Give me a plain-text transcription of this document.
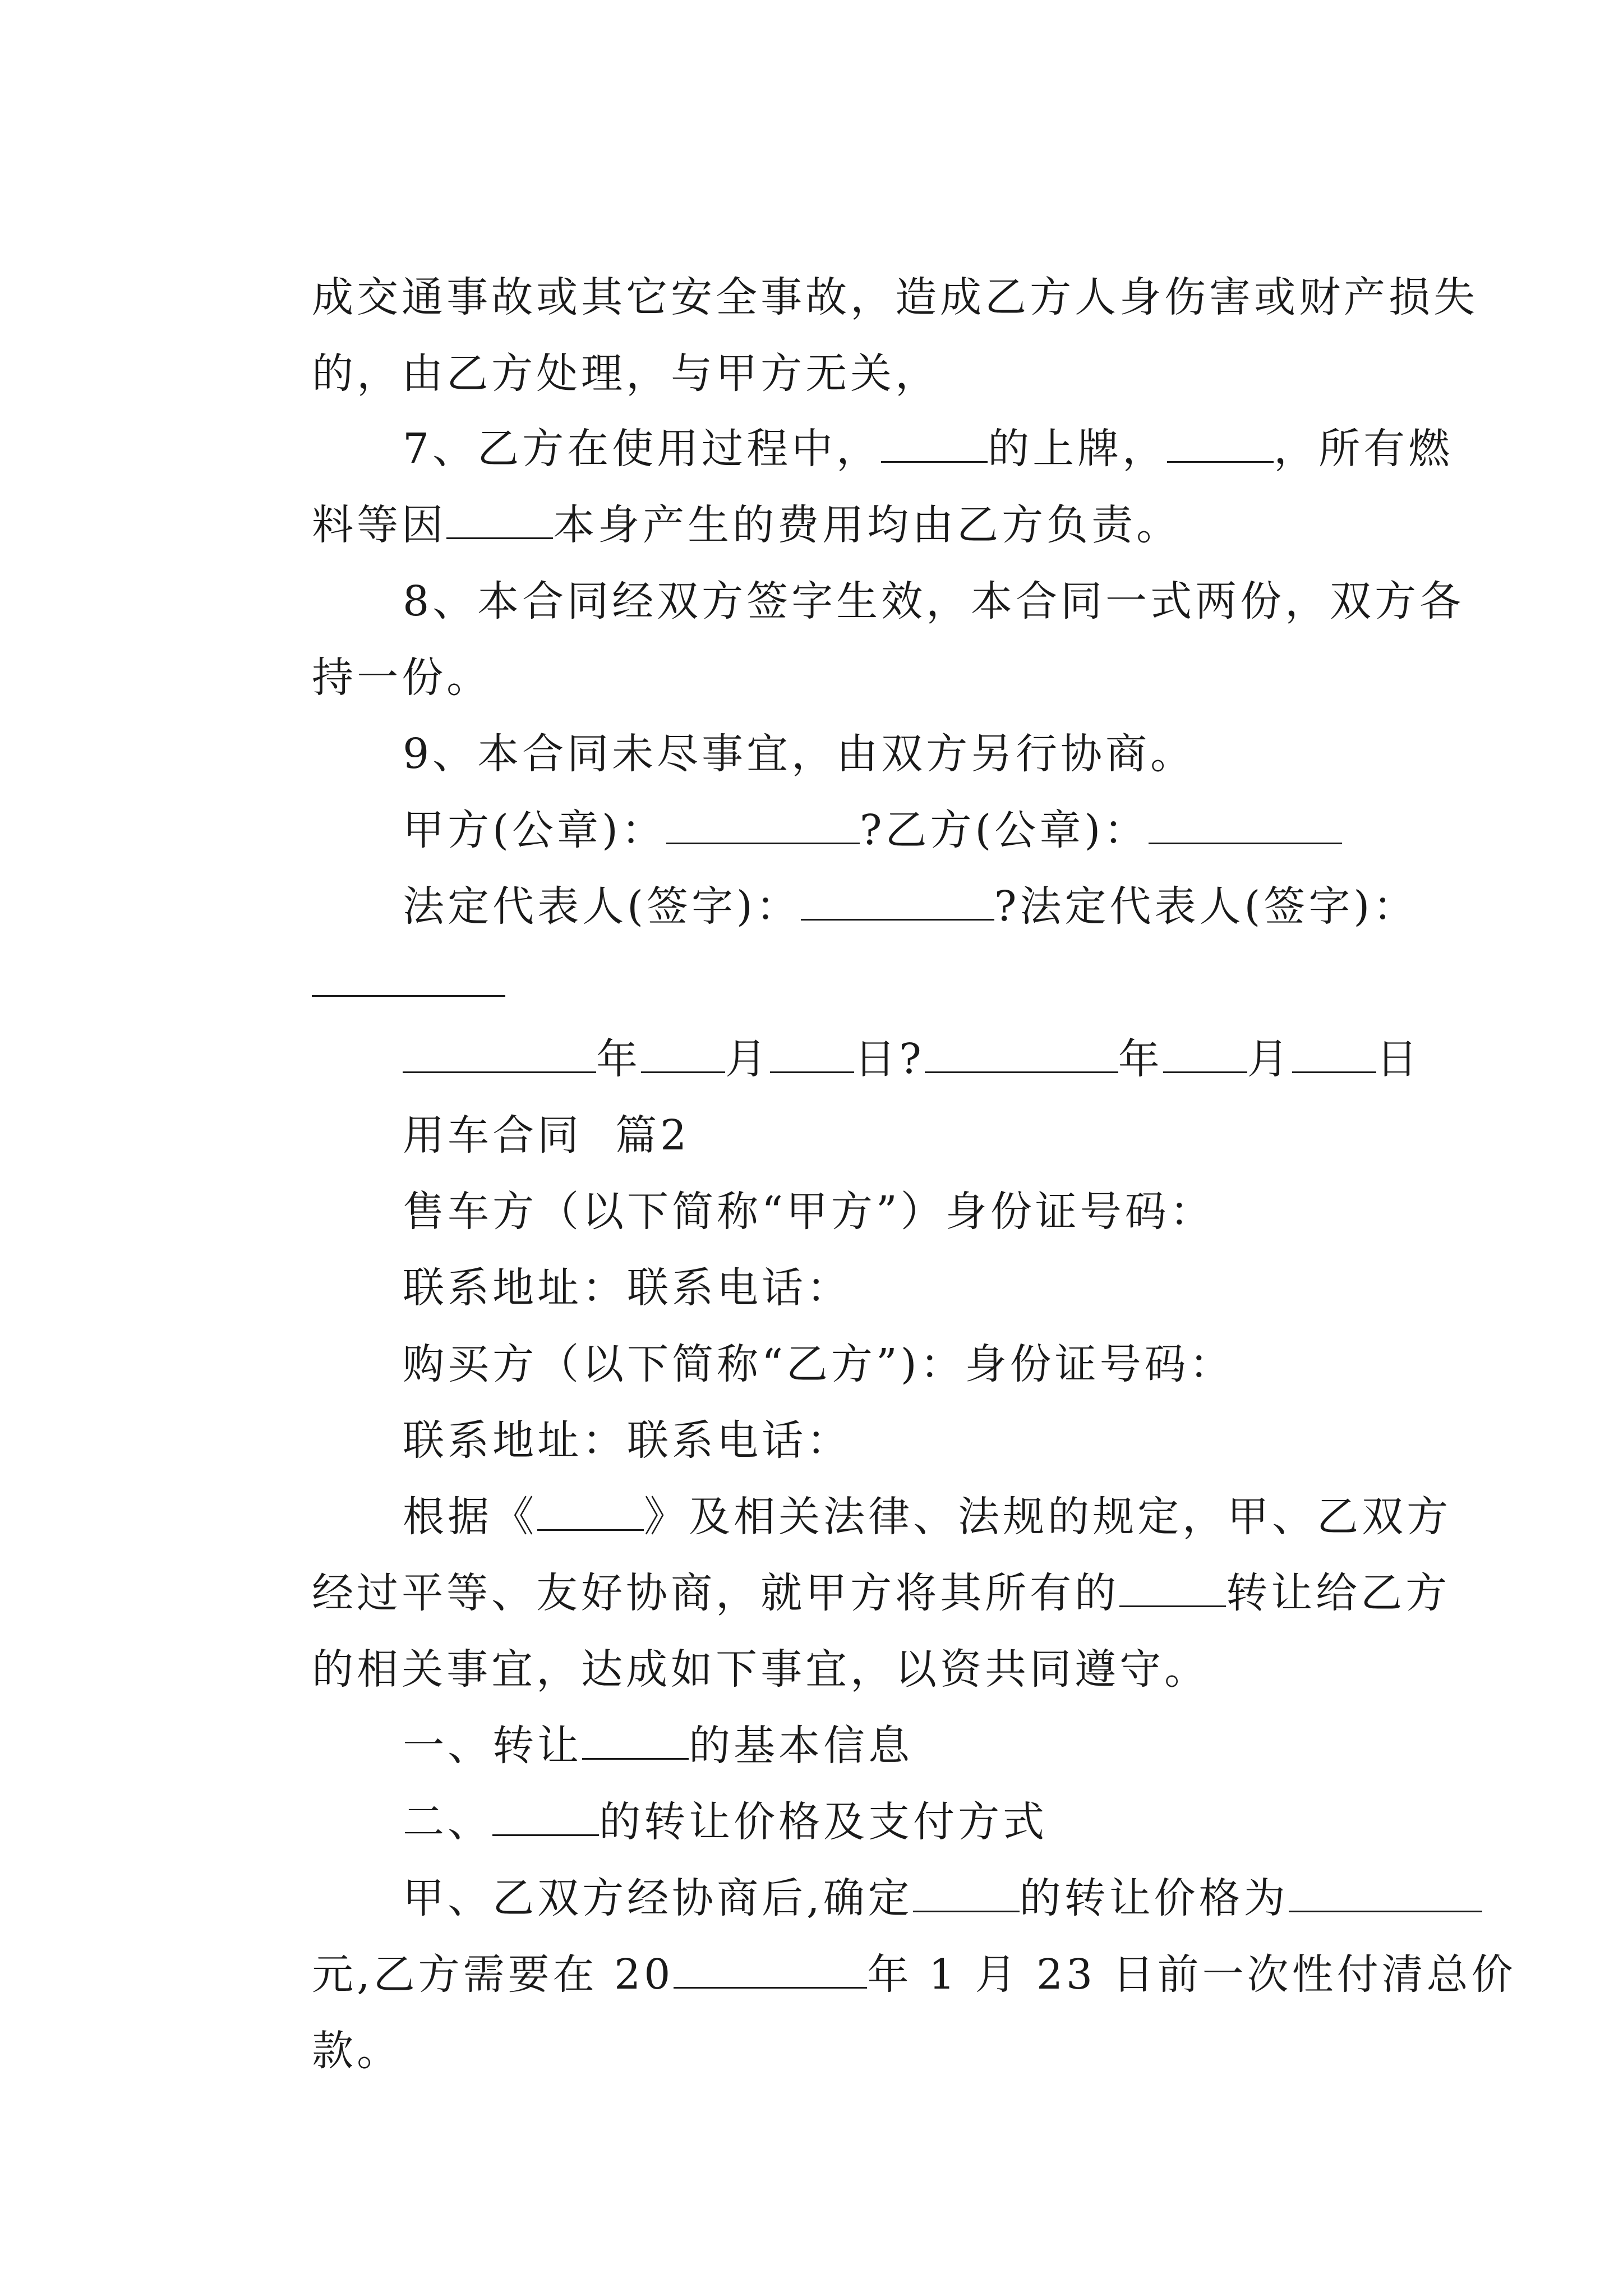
成交通事故或其它安全事故，造成乙方人身伤害或财产损失

的，由乙方处理，与甲方无关，

7、乙方在使用过程中，	的上牌，	，所有燃

料等因	本身产生的费用均由乙方负责。

8、本合同经双方签字生效，本合同一式两份，双方各

持一份。

9、本合同未尽事宜，由双方另行协商。

甲方(公章)：	?乙方(公章)：

法定代表人(签字)：	?法定代表人(签字)：

年 月 日?	年 月 日

用车合同  篇2

售车方（以下简称“甲方”）身份证号码：

联系地址：联系电话：

购买方（以下简称“乙方”)：身份证号码：

联系地址：联系电话：

根据《	》及相关法律、法规的规定，甲、乙双方

经过平等、友好协商，就甲方将其所有的	转让给乙方

的相关事宜，达成如下事宜，以资共同遵守。

一、转让	的基本信息

二、	的转让价格及支付方式

甲、乙双方经协商后,确定	的转让价格为

元,乙方需要在 20	年 1 月 23 日前一次性付清总价

款。
